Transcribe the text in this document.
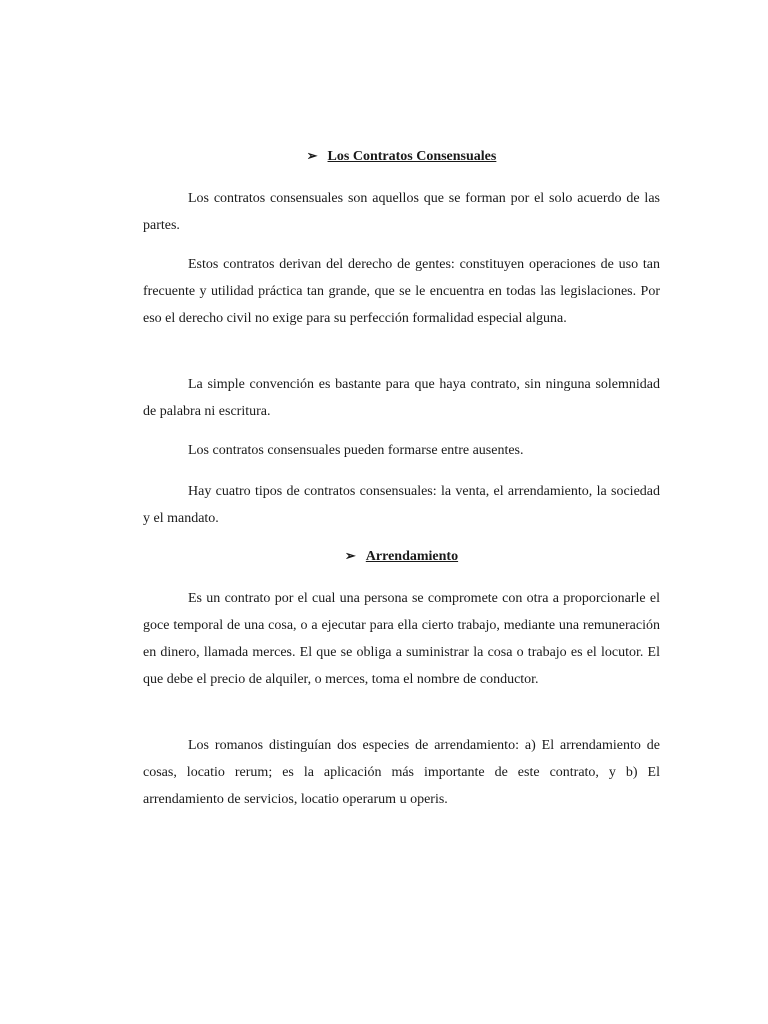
➢ Los Contratos Consensuales

Los contratos consensuales son aquellos que se forman por el solo acuerdo de las partes.

Estos contratos derivan del derecho de gentes: constituyen operaciones de uso tan frecuente y utilidad práctica tan grande, que se le encuentra en todas las legislaciones. Por eso el derecho civil no exige para su perfección formalidad especial alguna.

La simple convención es bastante para que haya contrato, sin ninguna solemnidad de palabra ni escritura.

Los contratos consensuales pueden formarse entre ausentes.

Hay cuatro tipos de contratos consensuales: la venta, el arrendamiento, la sociedad y el mandato.

➢ Arrendamiento

Es un contrato por el cual una persona se compromete con otra a proporcionarle el goce temporal de una cosa, o a ejecutar para ella cierto trabajo, mediante una remuneración en dinero, llamada merces. El que se obliga a suministrar la cosa o trabajo es el locutor. El que debe el precio de alquiler, o merces, toma el nombre de conductor.

Los romanos distinguían dos especies de arrendamiento: a) El arrendamiento de cosas, locatio rerum; es la aplicación más importante de este contrato, y b) El arrendamiento de servicios, locatio operarum u operis.
